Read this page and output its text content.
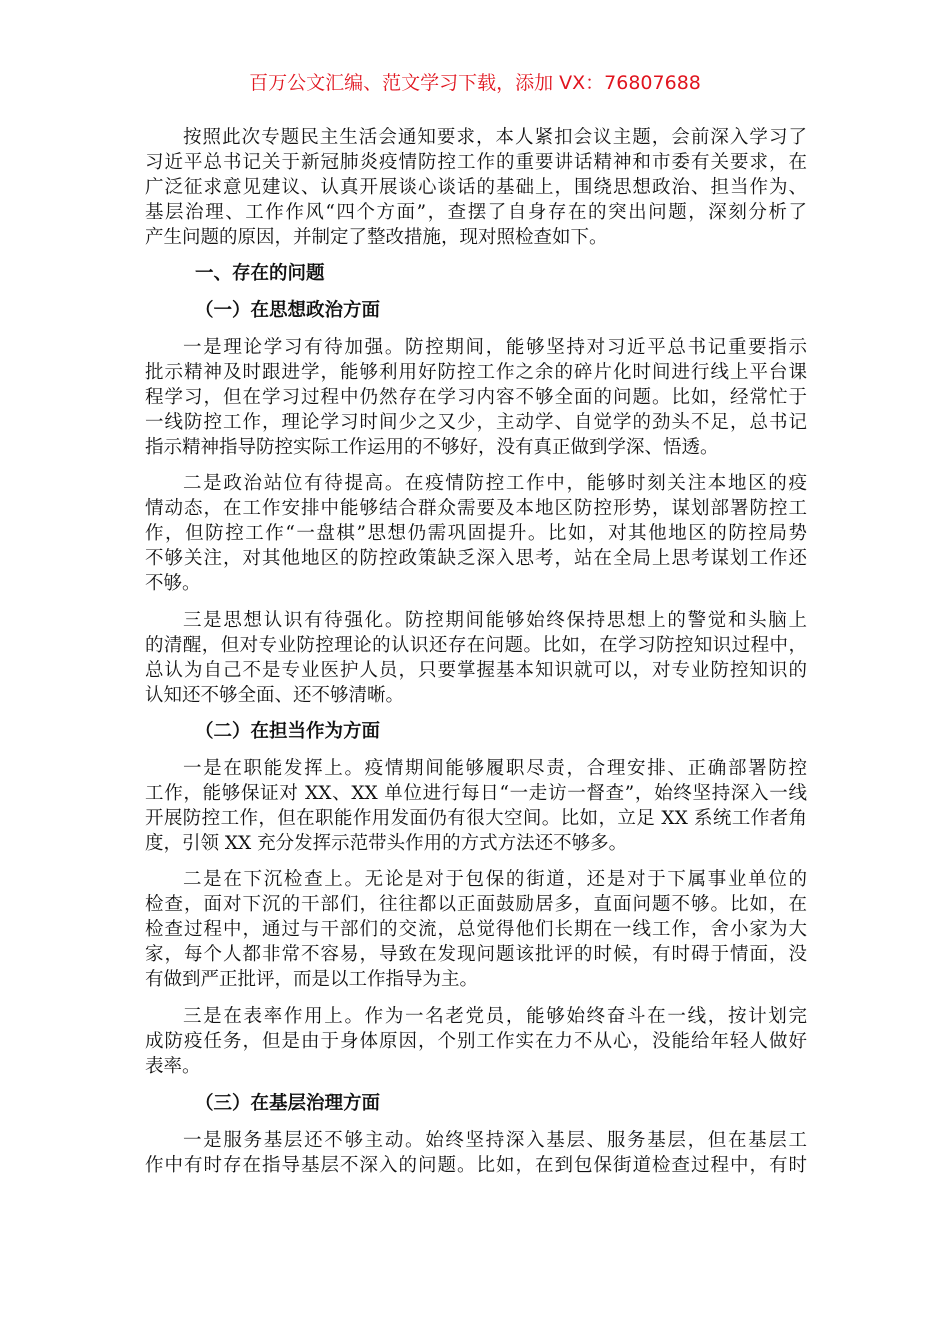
百万公文汇编、范文学习下载，添加 VX：76807688
按照此次专题民主生活会通知要求，本人紧扣会议主题，会前深入学习了
习近平总书记关于新冠肺炎疫情防控工作的重要讲话精神和市委有关要求，在
广泛征求意见建议、认真开展谈心谈话的基础上，围绕思想政治、担当作为、
基层治理、工作作风“四个方面”，查摆了自身存在的突出问题，深刻分析了
产生问题的原因，并制定了整改措施，现对照检查如下。
一、存在的问题
（一）在思想政治方面
一是理论学习有待加强。防控期间，能够坚持对习近平总书记重要指示
批示精神及时跟进学，能够利用好防控工作之余的碎片化时间进行线上平台课
程学习，但在学习过程中仍然存在学习内容不够全面的问题。比如，经常忙于
一线防控工作，理论学习时间少之又少，主动学、自觉学的劲头不足，总书记
指示精神指导防控实际工作运用的不够好，没有真正做到学深、悟透。
二是政治站位有待提高。在疫情防控工作中，能够时刻关注本地区的疫
情动态，在工作安排中能够结合群众需要及本地区防控形势，谋划部署防控工
作，但防控工作“一盘棋”思想仍需巩固提升。比如，对其他地区的防控局势
不够关注，对其他地区的防控政策缺乏深入思考，站在全局上思考谋划工作还
不够。
三是思想认识有待强化。防控期间能够始终保持思想上的警觉和头脑上
的清醒，但对专业防控理论的认识还存在问题。比如，在学习防控知识过程中，
总认为自己不是专业医护人员，只要掌握基本知识就可以，对专业防控知识的
认知还不够全面、还不够清晰。
（二）在担当作为方面
一是在职能发挥上。疫情期间能够履职尽责，合理安排、正确部署防控
工作，能够保证对 XX、XX 单位进行每日“一走访一督查”，始终坚持深入一线
开展防控工作，但在职能作用发面仍有很大空间。比如，立足 XX 系统工作者角
度，引领 XX 充分发挥示范带头作用的方式方法还不够多。
二是在下沉检查上。无论是对于包保的街道，还是对于下属事业单位的
检查，面对下沉的干部们，往往都以正面鼓励居多，直面问题不够。比如，在
检查过程中，通过与干部们的交流，总觉得他们长期在一线工作，舍小家为大
家，每个人都非常不容易，导致在发现问题该批评的时候，有时碍于情面，没
有做到严正批评，而是以工作指导为主。
三是在表率作用上。作为一名老党员，能够始终奋斗在一线，按计划完
成防疫任务，但是由于身体原因，个别工作实在力不从心，没能给年轻人做好
表率。
（三）在基层治理方面
一是服务基层还不够主动。始终坚持深入基层、服务基层，但在基层工
作中有时存在指导基层不深入的问题。比如，在到包保街道检查过程中，有时
